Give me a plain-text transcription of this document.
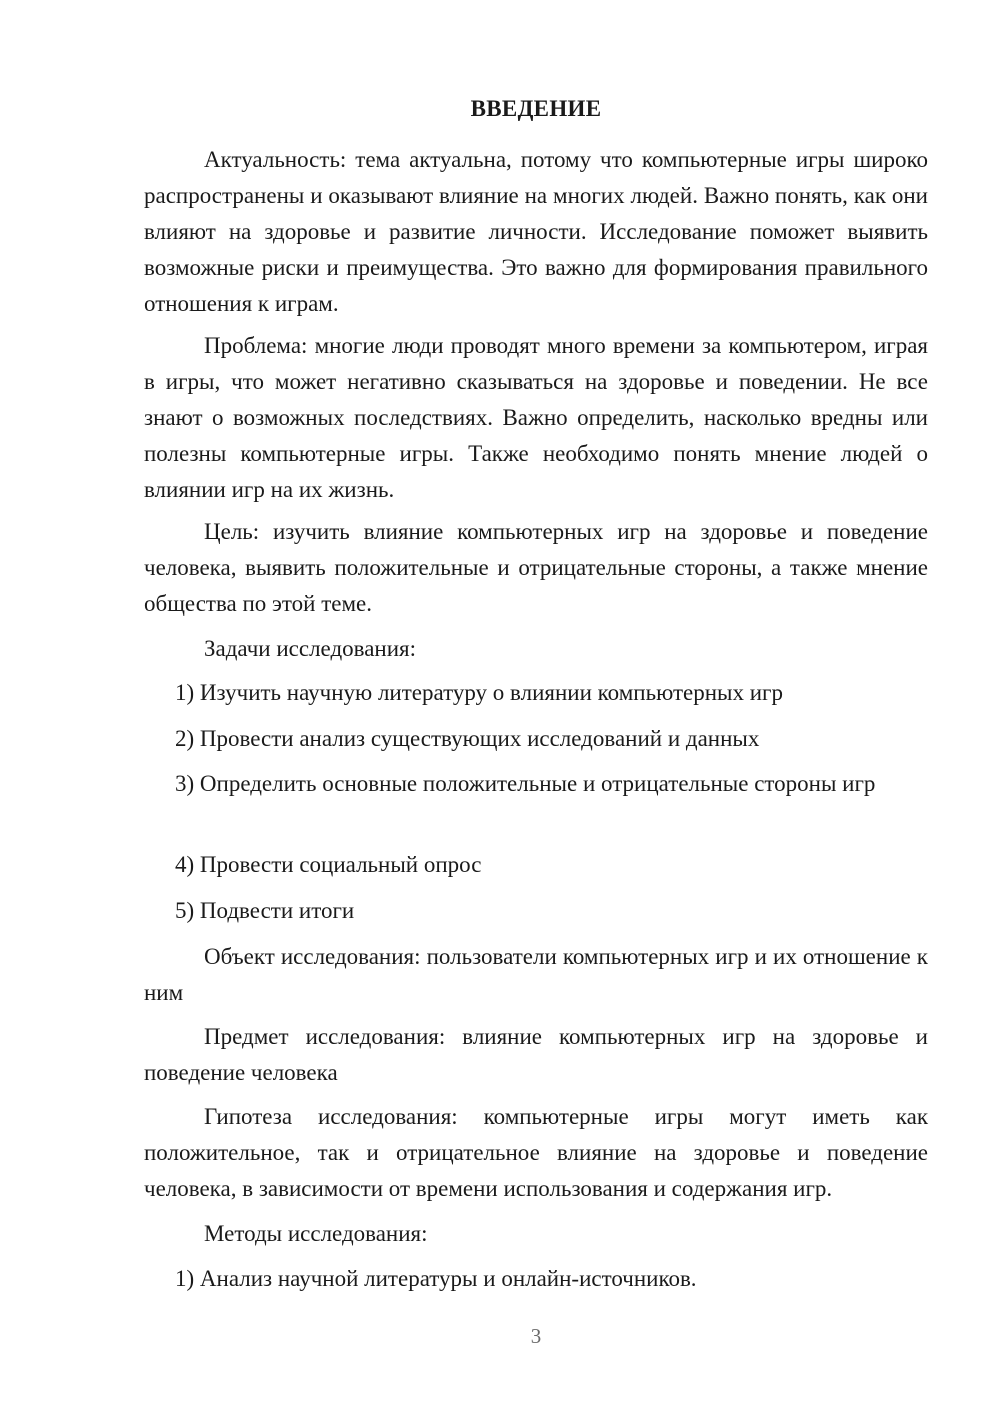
ВВЕДЕНИЕ

Актуальность: тема актуальна, потому что компьютерные игры широко распространены и оказывают влияние на многих людей. Важно понять, как они влияют на здоровье и развитие личности. Исследование поможет выявить возможные риски и преимущества. Это важно для формирования правильного отношения к играм.

Проблема: многие люди проводят много времени за компьютером, играя в игры, что может негативно сказываться на здоровье и поведении. Не все знают о возможных последствиях. Важно определить, насколько вредны или полезны компьютерные игры. Также необходимо понять мнение людей о влиянии игр на их жизнь.

Цель: изучить влияние компьютерных игр на здоровье и поведение человека, выявить положительные и отрицательные стороны, а также мнение общества по этой теме.

Задачи исследования:

1) Изучить научную литературу о влиянии компьютерных игр

2) Провести анализ существующих исследований и данных

3) Определить основные положительные и отрицательные стороны игр

4) Провести социальный опрос

5) Подвести итоги

Объект исследования: пользователи компьютерных игр и их отношение к ним

Предмет исследования: влияние компьютерных игр на здоровье и поведение человека

Гипотеза исследования: компьютерные игры могут иметь как положительное, так и отрицательное влияние на здоровье и поведение человека, в зависимости от времени использования и содержания игр.

Методы исследования:

1) Анализ научной литературы и онлайн-источников.

3
